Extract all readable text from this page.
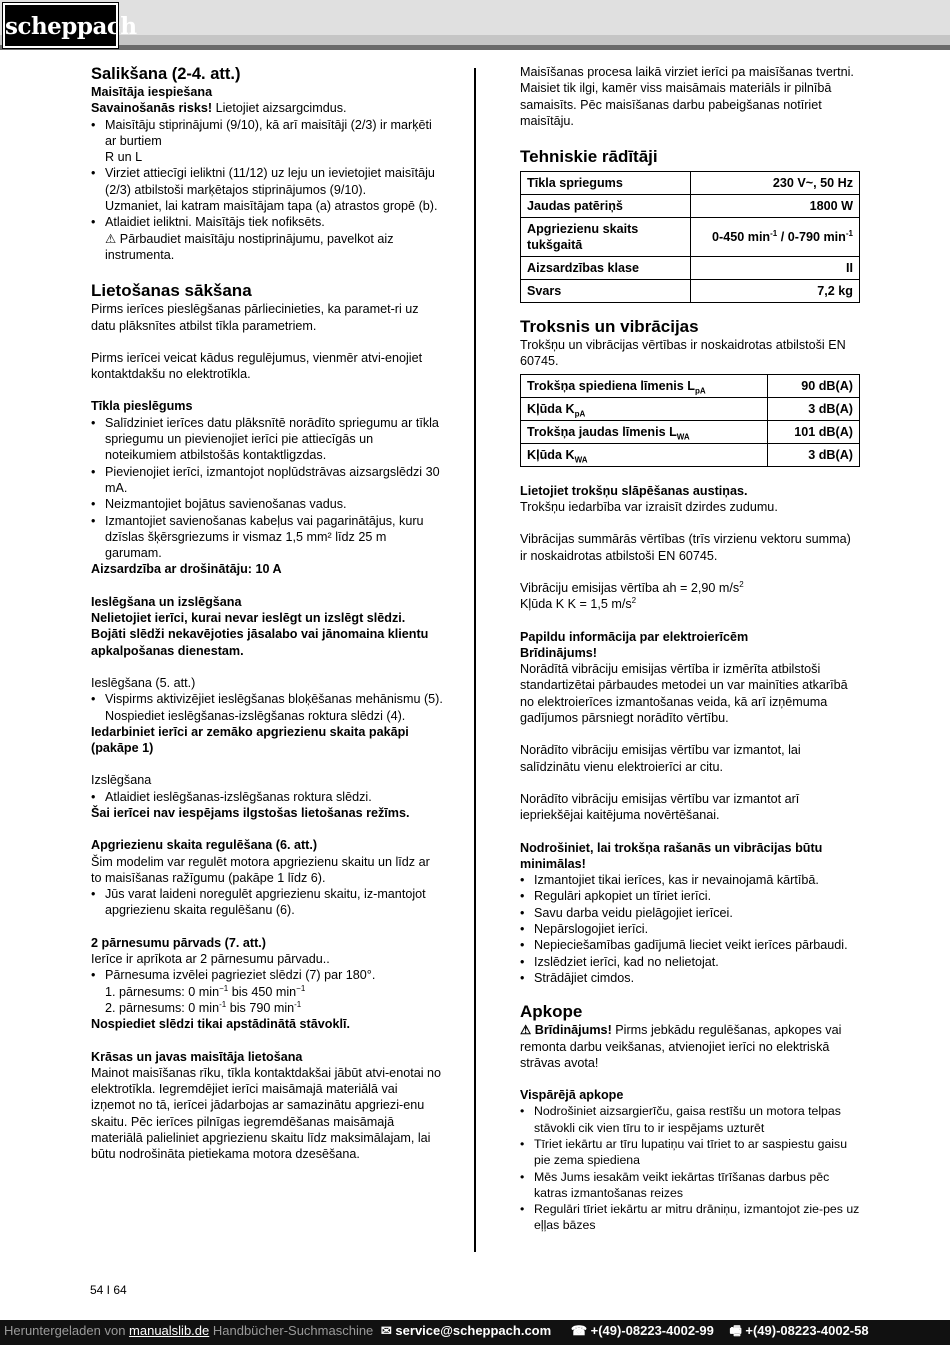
scheppach
Salikšana (2-4. att.)

Maisītāja iespiešana

Savainošanās risks! Lietojiet aizsargcimdus.

• Maisītāju stiprinājumi (9/10), kā arī maisītāji (2/3) ir marķēti ar burtiem
R un L
• Virziet attiecīgi ieliktni (11/12) uz leju un ievietojiet maisītāju (2/3) atbilstoši marķētajos stiprinājumos (9/10).
Uzmaniet, lai katram maisītājam tapa (a) atrastos gropē (b).
• Atlaidiet ieliktni. Maisītājs tiek nofiksēts.
⚠ Pārbaudiet maisītāju nostiprinājumu, pavelkot aiz instrumenta.
Lietošanas sākšana

Pirms ierīces pieslēgšanas pārliecinieties, ka paramet-ri uz datu plāksnītes atbilst tīkla parametriem.

Pirms ierīcei veicat kādus regulējumus, vienmēr atvi-enojiet kontaktdakšu no elektrotīkla.

Tīkla pieslēgums

• Salīdziniet ierīces datu plāksnītē norādīto spriegumu ar tīkla spriegumu un pievienojiet ierīci pie attiecīgās un noteikumiem atbilstošās kontaktligzdas.
• Pievienojiet ierīci, izmantojot noplūdstrāvas aizsargslēdzi 30 mA.
• Neizmantojiet bojātus savienošanas vadus.
• Izmantojiet savienošanas kabeļus vai pagarinātājus, kuru dzīslas šķērsgriezums ir vismaz 1,5 mm² līdz 25 m garumam.

Aizsardzība ar drošinātāju: 10 A

Ieslēgšana un izslēgšana

Nelietojiet ierīci, kurai nevar ieslēgt un izslēgt slēdzi. Bojāti slēdži nekavējoties jāsalabo vai jānomaina klientu apkalpošanas dienestam.

Ieslēgšana (5. att.)

• Vispirms aktivizējiet ieslēgšanas bloķēšanas mehānismu (5). Nospiediet ieslēgšanas-izslēgšanas roktura slēdzi (4).

Iedarbiniet ierīci ar zemāko apgriezienu skaita pakāpi (pakāpe 1)

Izslēgšana

• Atlaidiet ieslēgšanas-izslēgšanas roktura slēdzi.

Šai ierīcei nav iespējams ilgstošas lietošanas režīms.

Apgriezienu skaita regulēšana (6. att.)

Šim modelim var regulēt motora apgriezienu skaitu un līdz ar to maisīšanas ražīgumu (pakāpe 1 līdz 6).

• Jūs varat laideni noregulēt apgriezienu skaitu, iz-mantojot apgriezienu skaita regulēšanu (6).

2 pārnesumu pārvads (7. att.)

Ierīce ir aprīkota ar 2 pārnesumu pārvadu..

• Pārnesuma izvēlei pagrieziet slēdzi (7) par 180°.

1. pārnesums: 0 $\min^{-1}$ bis 450 $\min^{-1}$

2. pārnesums: 0 $\min^{-1}$ bis 790 $\min^{-1}$

Nospiediet slēdzi tikai apstādinātā stāvoklī.

Krāsas un javas maisītāja lietošana

Mainot maisīšanas rīku, tīkla kontaktdakšai jābūt atvi-enotai no elektrotīkla. Iegremdējiet ierīci maisāmajā materiālā vai izņemot no tā, ierīcei jādarbojas ar samazinātu apgriezi-enu skaitu. Pēc ierīces pilnīgas iegremdēšanas maisāmajā materiālā palieliniet apgriezienu skaitu līdz maksimālajam, lai būtu nodrošināta pietiekama motora dzesēšana.

Maisīšanas procesa laikā virziet ierīci pa maisīšanas tvertni. Maisiet tik ilgi, kamēr viss maisāmais materiāls ir pilnībā samaisīts. Pēc maisīšanas darbu pabeigšanas notīriet maisītāju.

Tehniskie rādītāji
Tīkla spriegums	230 V~, 50 Hz
Jaudas patēriņš	1800 W
Apgriezienu skaits tukšgaitā	0-450 $\min^{-1} / 0-790$ $\min^{-1}$
Aizsardzības klase	II
Svars	7,2 kg
Troksnis un vibrācijas

Trokšņu un vibrācijas vērtības ir noskaidrotas atbilstoši EN 60745.

Trokšņa spiediena līmenis $L_{pA}$	90 dB(A)
Kļūda $K_{pA}$	3 dB(A)
Trokšņa jaudas līmenis $L_{WA}$	101 dB(A)
Kļūda $K_{WA}$	3 dB(A)

Lietojiet trokšņu slāpēšanas austiņas.

Trokšņu iedarbība var izraisīt dzirdes zudumu.

Vibrācijas summārās vērtības (trīs virzienu vektoru summa) ir noskaidrotas atbilstoši EN 60745.

Vibrāciju emisijas vērtība ah = 2,90 $m/s^2$

Kļūda K K = 1,5 $m/s^2$

Papildu informācija par elektroierīcēm

Brīdinājums!

Norādītā vibrāciju emisijas vērtība ir izmērīta atbilstoši standartizētai pārbaudes metodei un var mainīties atkarībā no elektroierīces izmantošanas veida, kā arī izņēmuma gadījumos pārsniegt norādīto vērtību.

Norādīto vibrāciju emisijas vērtību var izmantot, lai salīdzinātu vienu elektroierīci ar citu.

Norādīto vibrāciju emisijas vērtību var izmantot arī iepriekšējai kaitējuma novērtēšanai.

Nodrošiniet, lai trokšņa rašanās un vibrācijas būtu minimālas!

• Izmantojiet tikai ierīces, kas ir nevainojamā kārtībā.
• Regulāri apkopiet un tīriet ierīci.
• Savu darba veidu pielāgojiet ierīcei.
• Nepārslogojiet ierīci.
• Nepieciešamības gadījumā lieciet veikt ierīces pārbaudi.
• Izslēdziet ierīci, kad no nelietojat.
• Strādājiet cimdos.
Apkope

⚠ Brīdinājums! Pirms jebkādu regulēšanas, apkopes vai remonta darbu veikšanas, atvienojiet ierīci no elektriskā strāvas avota!

Vispārējā apkope

• Nodrošiniet aizsargierīču, gaisa restīšu un motora telpas stāvokli cik vien tīru to ir iespējams uzturēt
• Tīriet iekārtu ar tīru lupatiņu vai tīriet to ar saspiestu gaisu pie zema spiediena
• Mēs Jums iesakām veikt iekārtas tīrīšanas darbus pēc katras izmantošanas reizes
• Regulāri tīriet iekārtu ar mitru drāniņu, izmantojot zie-pes uz eļļas bāzes
54 I 64
Heruntergeladen von manualslib.de Handbücher-Suchmaschine ✉ service@scheppach.com ☎ +(49)-08223-4002-99 🖷 +(49)-08223-4002-58
